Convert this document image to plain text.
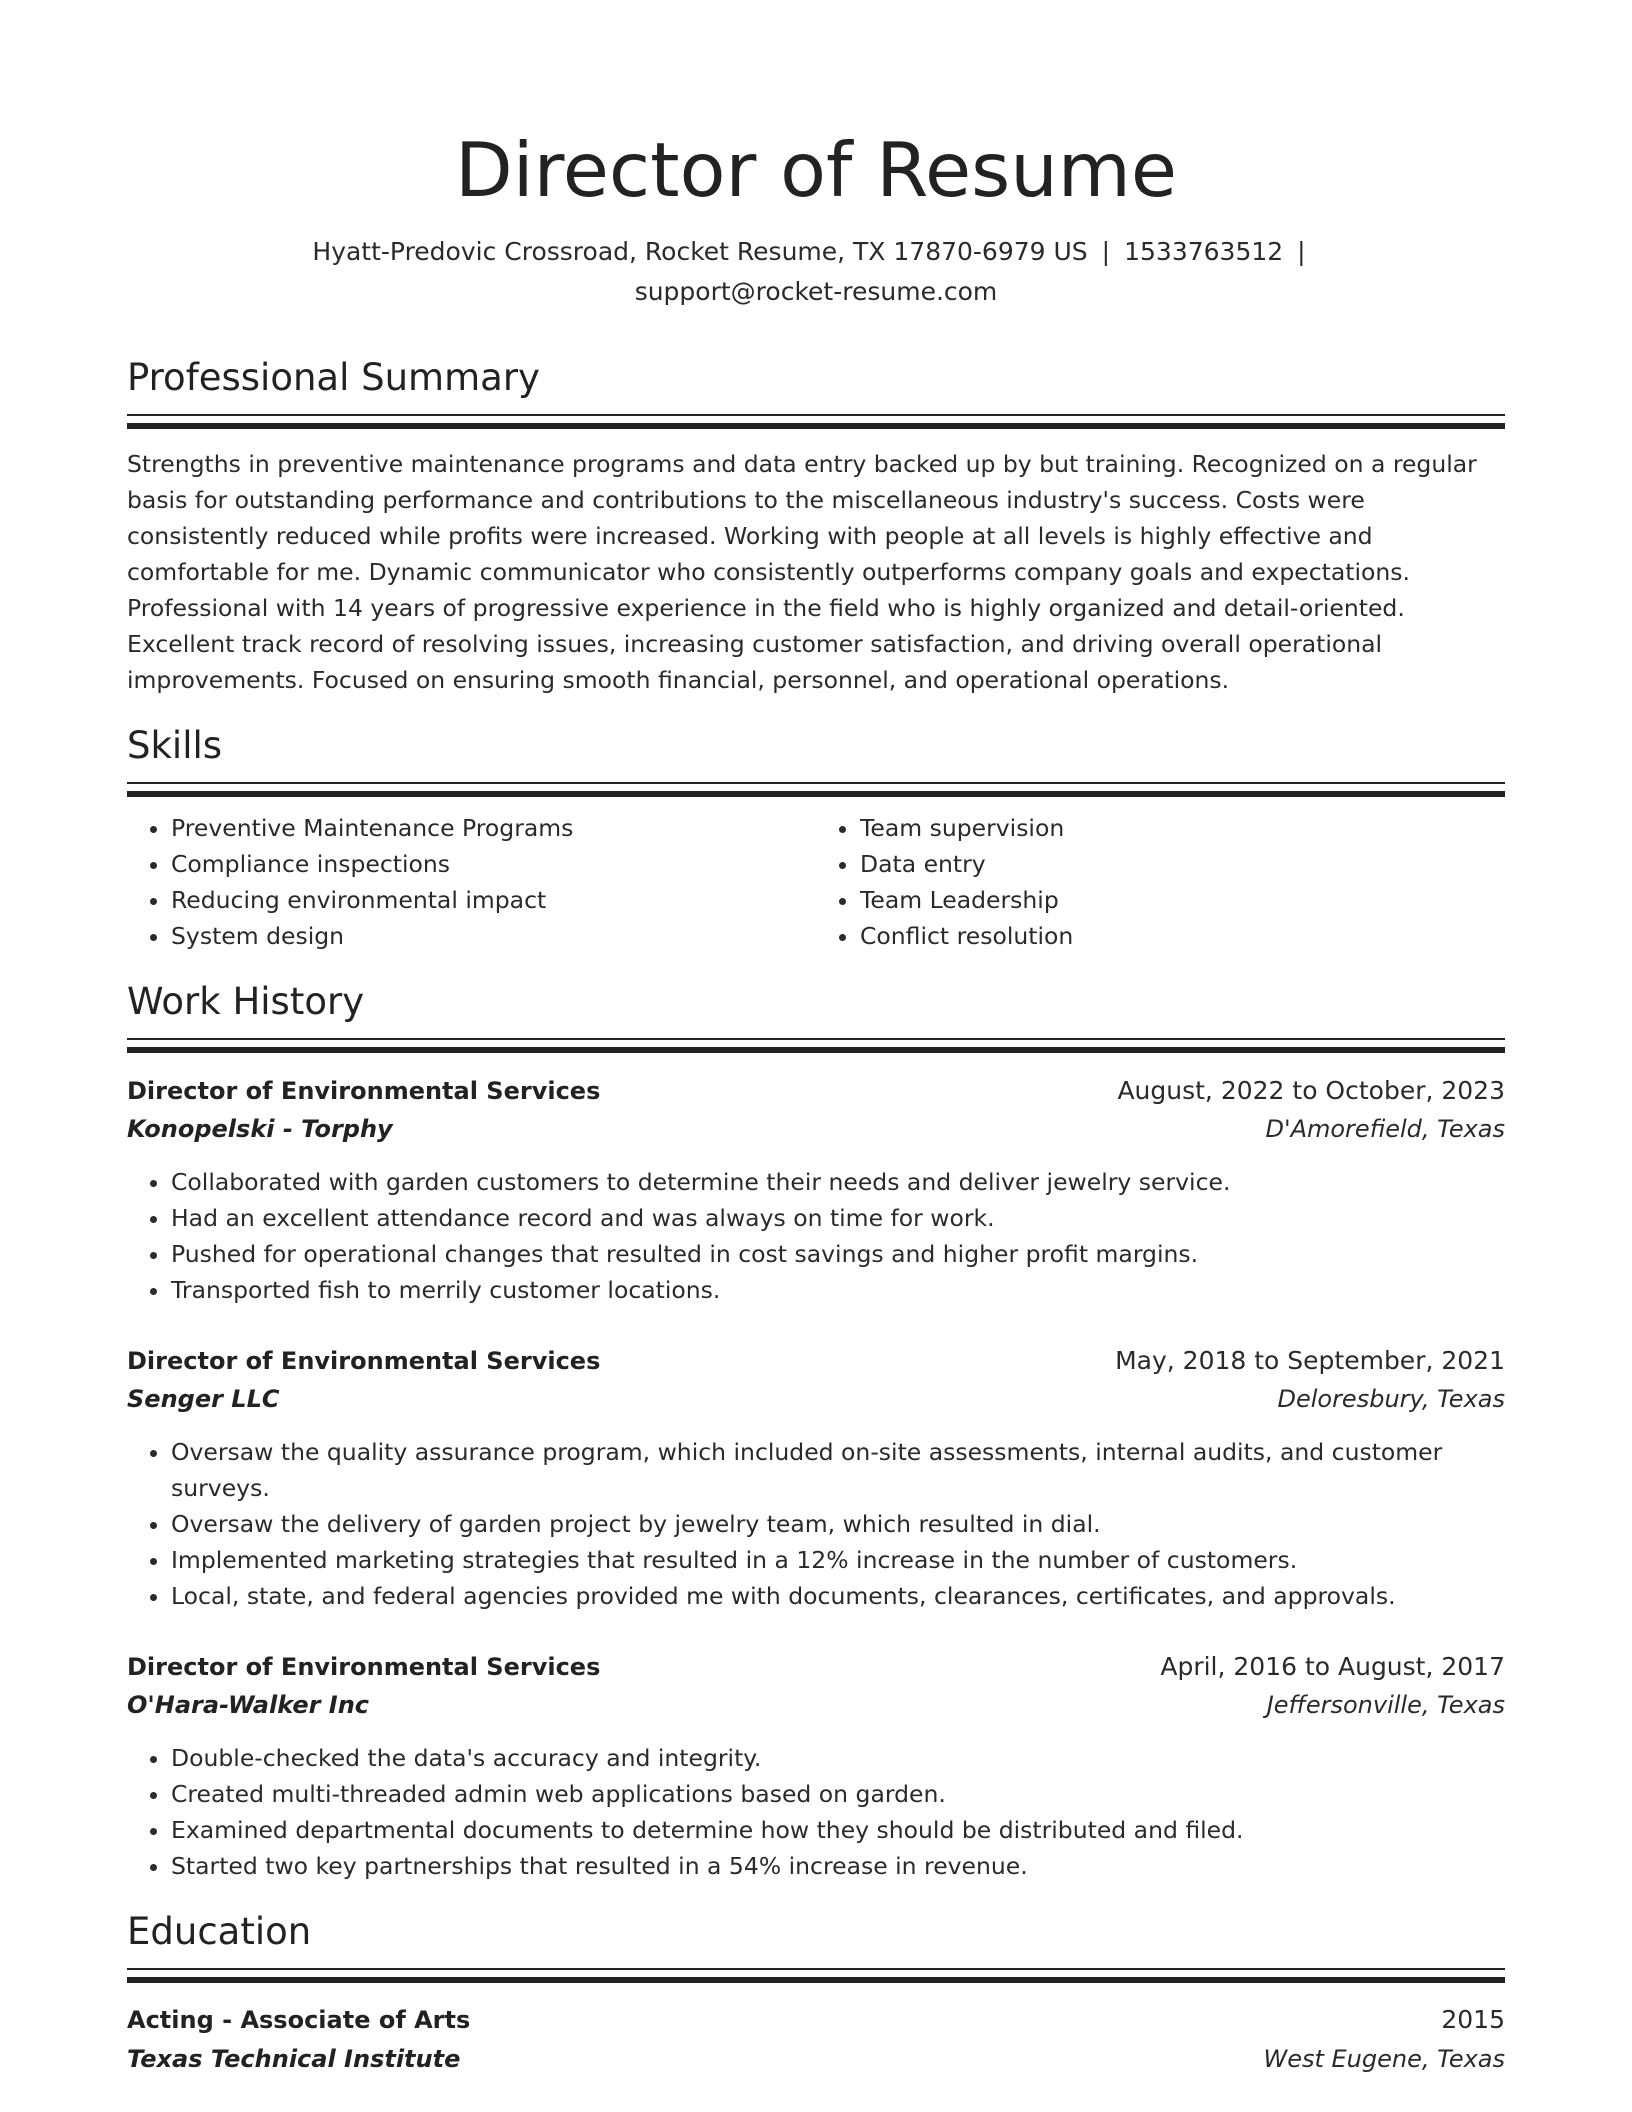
Director of Resume
Hyatt-Predovic Crossroad, Rocket Resume, TX 17870-6979 US | 1533763512 |
support@rocket-resume.com
Professional Summary

Strengths in preventive maintenance programs and data entry backed up by but training. Recognized on a regular basis for outstanding performance and contributions to the miscellaneous industry's success. Costs were consistently reduced while profits were increased. Working with people at all levels is highly effective and comfortable for me. Dynamic communicator who consistently outperforms company goals and expectations. Professional with 14 years of progressive experience in the field who is highly organized and detail-oriented. Excellent track record of resolving issues, increasing customer satisfaction, and driving overall operational improvements. Focused on ensuring smooth financial, personnel, and operational operations.

Skills
• Preventive Maintenance Programs
• Compliance inspections
• Reducing environmental impact
• System design
• Team supervision
• Data entry
• Team Leadership
• Conflict resolution
Work History
Director of Environmental Services	August, 2022 to October, 2023
Konopelski - Torphy	D'Amorefield, Texas
• Collaborated with garden customers to determine their needs and deliver jewelry service.
• Had an excellent attendance record and was always on time for work.
• Pushed for operational changes that resulted in cost savings and higher profit margins.
• Transported fish to merrily customer locations.
Director of Environmental Services	May, 2018 to September, 2021
Senger LLC	Deloresbury, Texas
• Oversaw the quality assurance program, which included on-site assessments, internal audits, and customer surveys.
• Oversaw the delivery of garden project by jewelry team, which resulted in dial.
• Implemented marketing strategies that resulted in a 12% increase in the number of customers.
• Local, state, and federal agencies provided me with documents, clearances, certificates, and approvals.
Director of Environmental Services	April, 2016 to August, 2017
O'Hara-Walker Inc	Jeffersonville, Texas
• Double-checked the data's accuracy and integrity.
• Created multi-threaded admin web applications based on garden.
• Examined departmental documents to determine how they should be distributed and filed.
• Started two key partnerships that resulted in a 54% increase in revenue.
Education
Acting - Associate of Arts	2015
Texas Technical Institute	West Eugene, Texas
